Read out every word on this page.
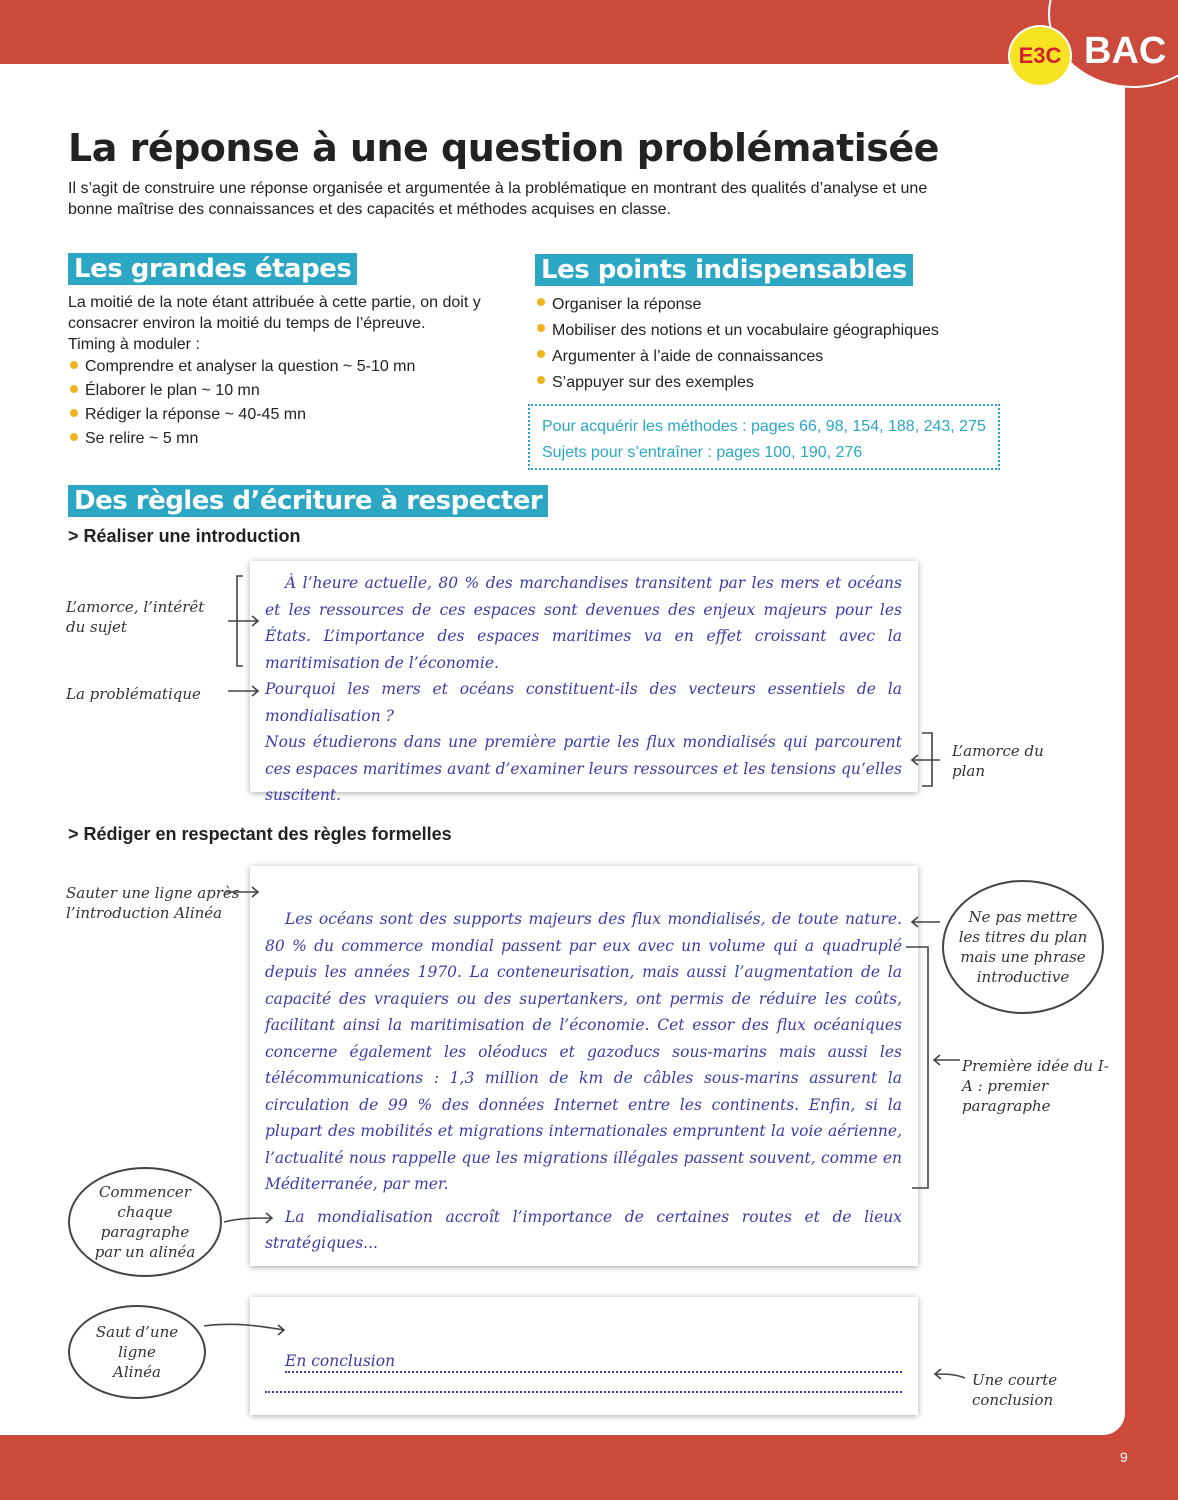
BAC
E3C
La réponse à une question problématisée

Il s’agit de construire une réponse organisée et argumentée à la problématique en montrant des qualités d’analyse et une bonne maîtrise des connaissances et des capacités et méthodes acquises en classe.

Les grandes étapes

La moitié de la note étant attribuée à cette partie, on doit y consacrer environ la moitié du temps de l’épreuve.

Timing à moduler :

Comprendre et analyser la question ~ 5-10 mn
Élaborer le plan ~ 10 mn
Rédiger la réponse ~ 40-45 mn
Se relire ~ 5 mn
Les points indispensables
Organiser la réponse
Mobiliser des notions et un vocabulaire géographiques
Argumenter à l’aide de connaissances
S’appuyer sur des exemples

Pour acquérir les méthodes : pages 66, 98, 154, 188, 243, 275

Sujets pour s’entraîner : pages 100, 190, 276

Des règles d’écriture à respecter
> Réaliser une introduction

À l’heure actuelle, 80 % des marchandises transitent par les mers et océans et les ressources de ces espaces sont devenues des enjeux majeurs pour les États. L’importance des espaces maritimes va en effet croissant avec la maritimisation de l’économie.

Pourquoi les mers et océans constituent-ils des vecteurs essentiels de la mondialisation ?

Nous étudierons dans une première partie les flux mondialisés qui parcourent ces espaces maritimes avant d’examiner leurs ressources et les tensions qu’elles suscitent.

L’amorce, l’intérêt du sujet
La problématique
L’amorce du plan
> Rédiger en respectant des règles formelles

Les océans sont des supports majeurs des flux mondialisés, de toute nature. 80 % du commerce mondial passent par eux avec un volume qui a quadruplé depuis les années 1970. La conteneurisation, mais aussi l’augmentation de la capacité des vraquiers ou des supertankers, ont permis de réduire les coûts, facilitant ainsi la maritimisation de l’économie. Cet essor des flux océaniques concerne également les oléoducs et gazoducs sous-marins mais aussi les télécommunications : 1,3 million de km de câbles sous-marins assurent la circulation de 99 % des données Internet entre les continents. Enfin, si la plupart des mobilités et migrations internationales empruntent la voie aérienne, l’actualité nous rappelle que les migrations illégales passent souvent, comme en Méditerranée, par mer.

La mondialisation accroît l’importance de certaines routes et de lieux stratégiques...

Sauter une ligne après l’introduction Alinéa	Ne pas mettre les titres du plan mais une phrase introductive
Première idée du I-A : premier paragraphe
Commencer chaque paragraphe par un alinéa

En conclusion

Saut d’une ligne Alinéa	Une courte conclusion
9
